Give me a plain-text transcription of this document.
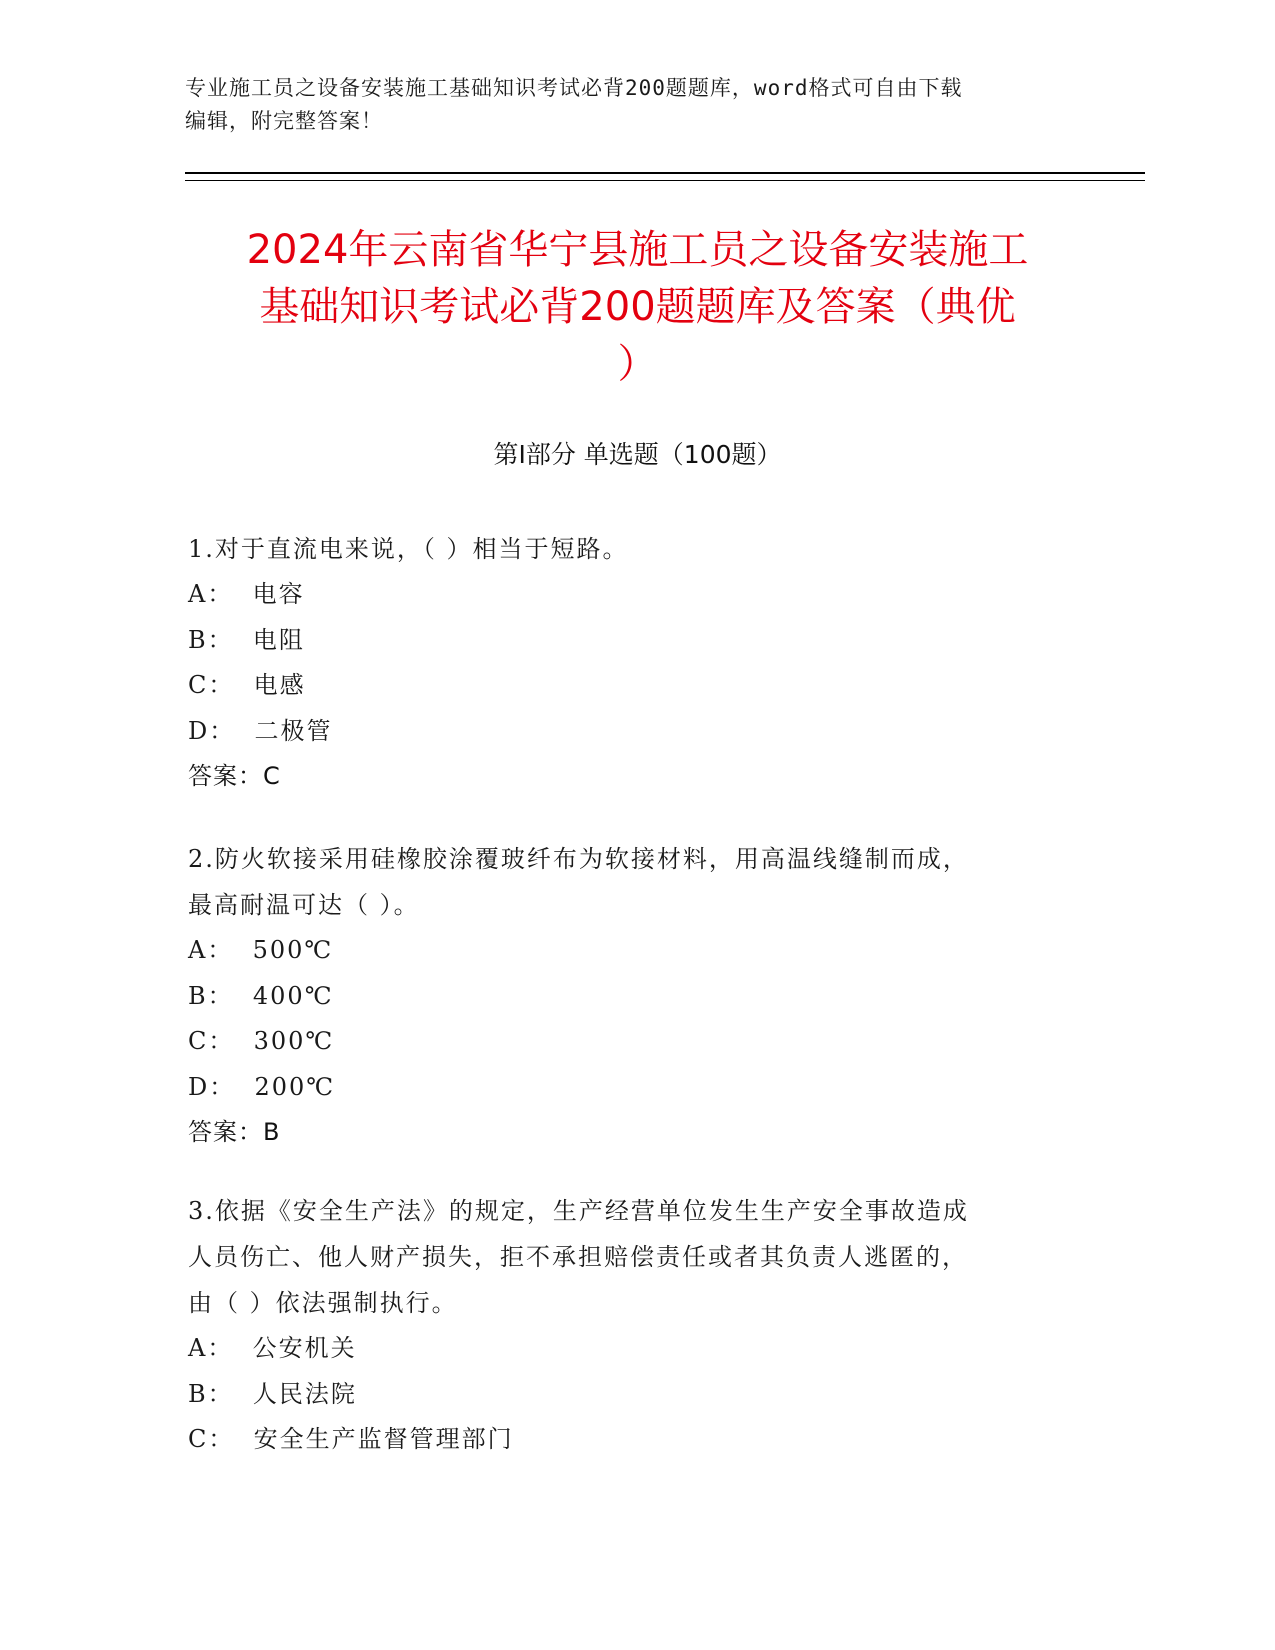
专业施工员之设备安装施工基础知识考试必背200题题库，word格式可自由下载
编辑，附完整答案！
2024年云南省华宁县施工员之设备安装施工
基础知识考试必背200题题库及答案（典优
）
第Ⅰ部分 单选题（100题）

1.对于直流电来说，（ ）相当于短路。

A：  电容

B：  电阻

C：  电感

D：  二极管

答案：C

2.防火软接采用硅橡胶涂覆玻纤布为软接材料，用高温线缝制而成，

最高耐温可达（ ）。

A：  500℃

B：  400℃

C：  300℃

D：  200℃

答案：B

3.依据《安全生产法》的规定，生产经营单位发生生产安全事故造成

人员伤亡、他人财产损失，拒不承担赔偿责任或者其负责人逃匿的，

由（ ）依法强制执行。

A：  公安机关

B：  人民法院

C：  安全生产监督管理部门
